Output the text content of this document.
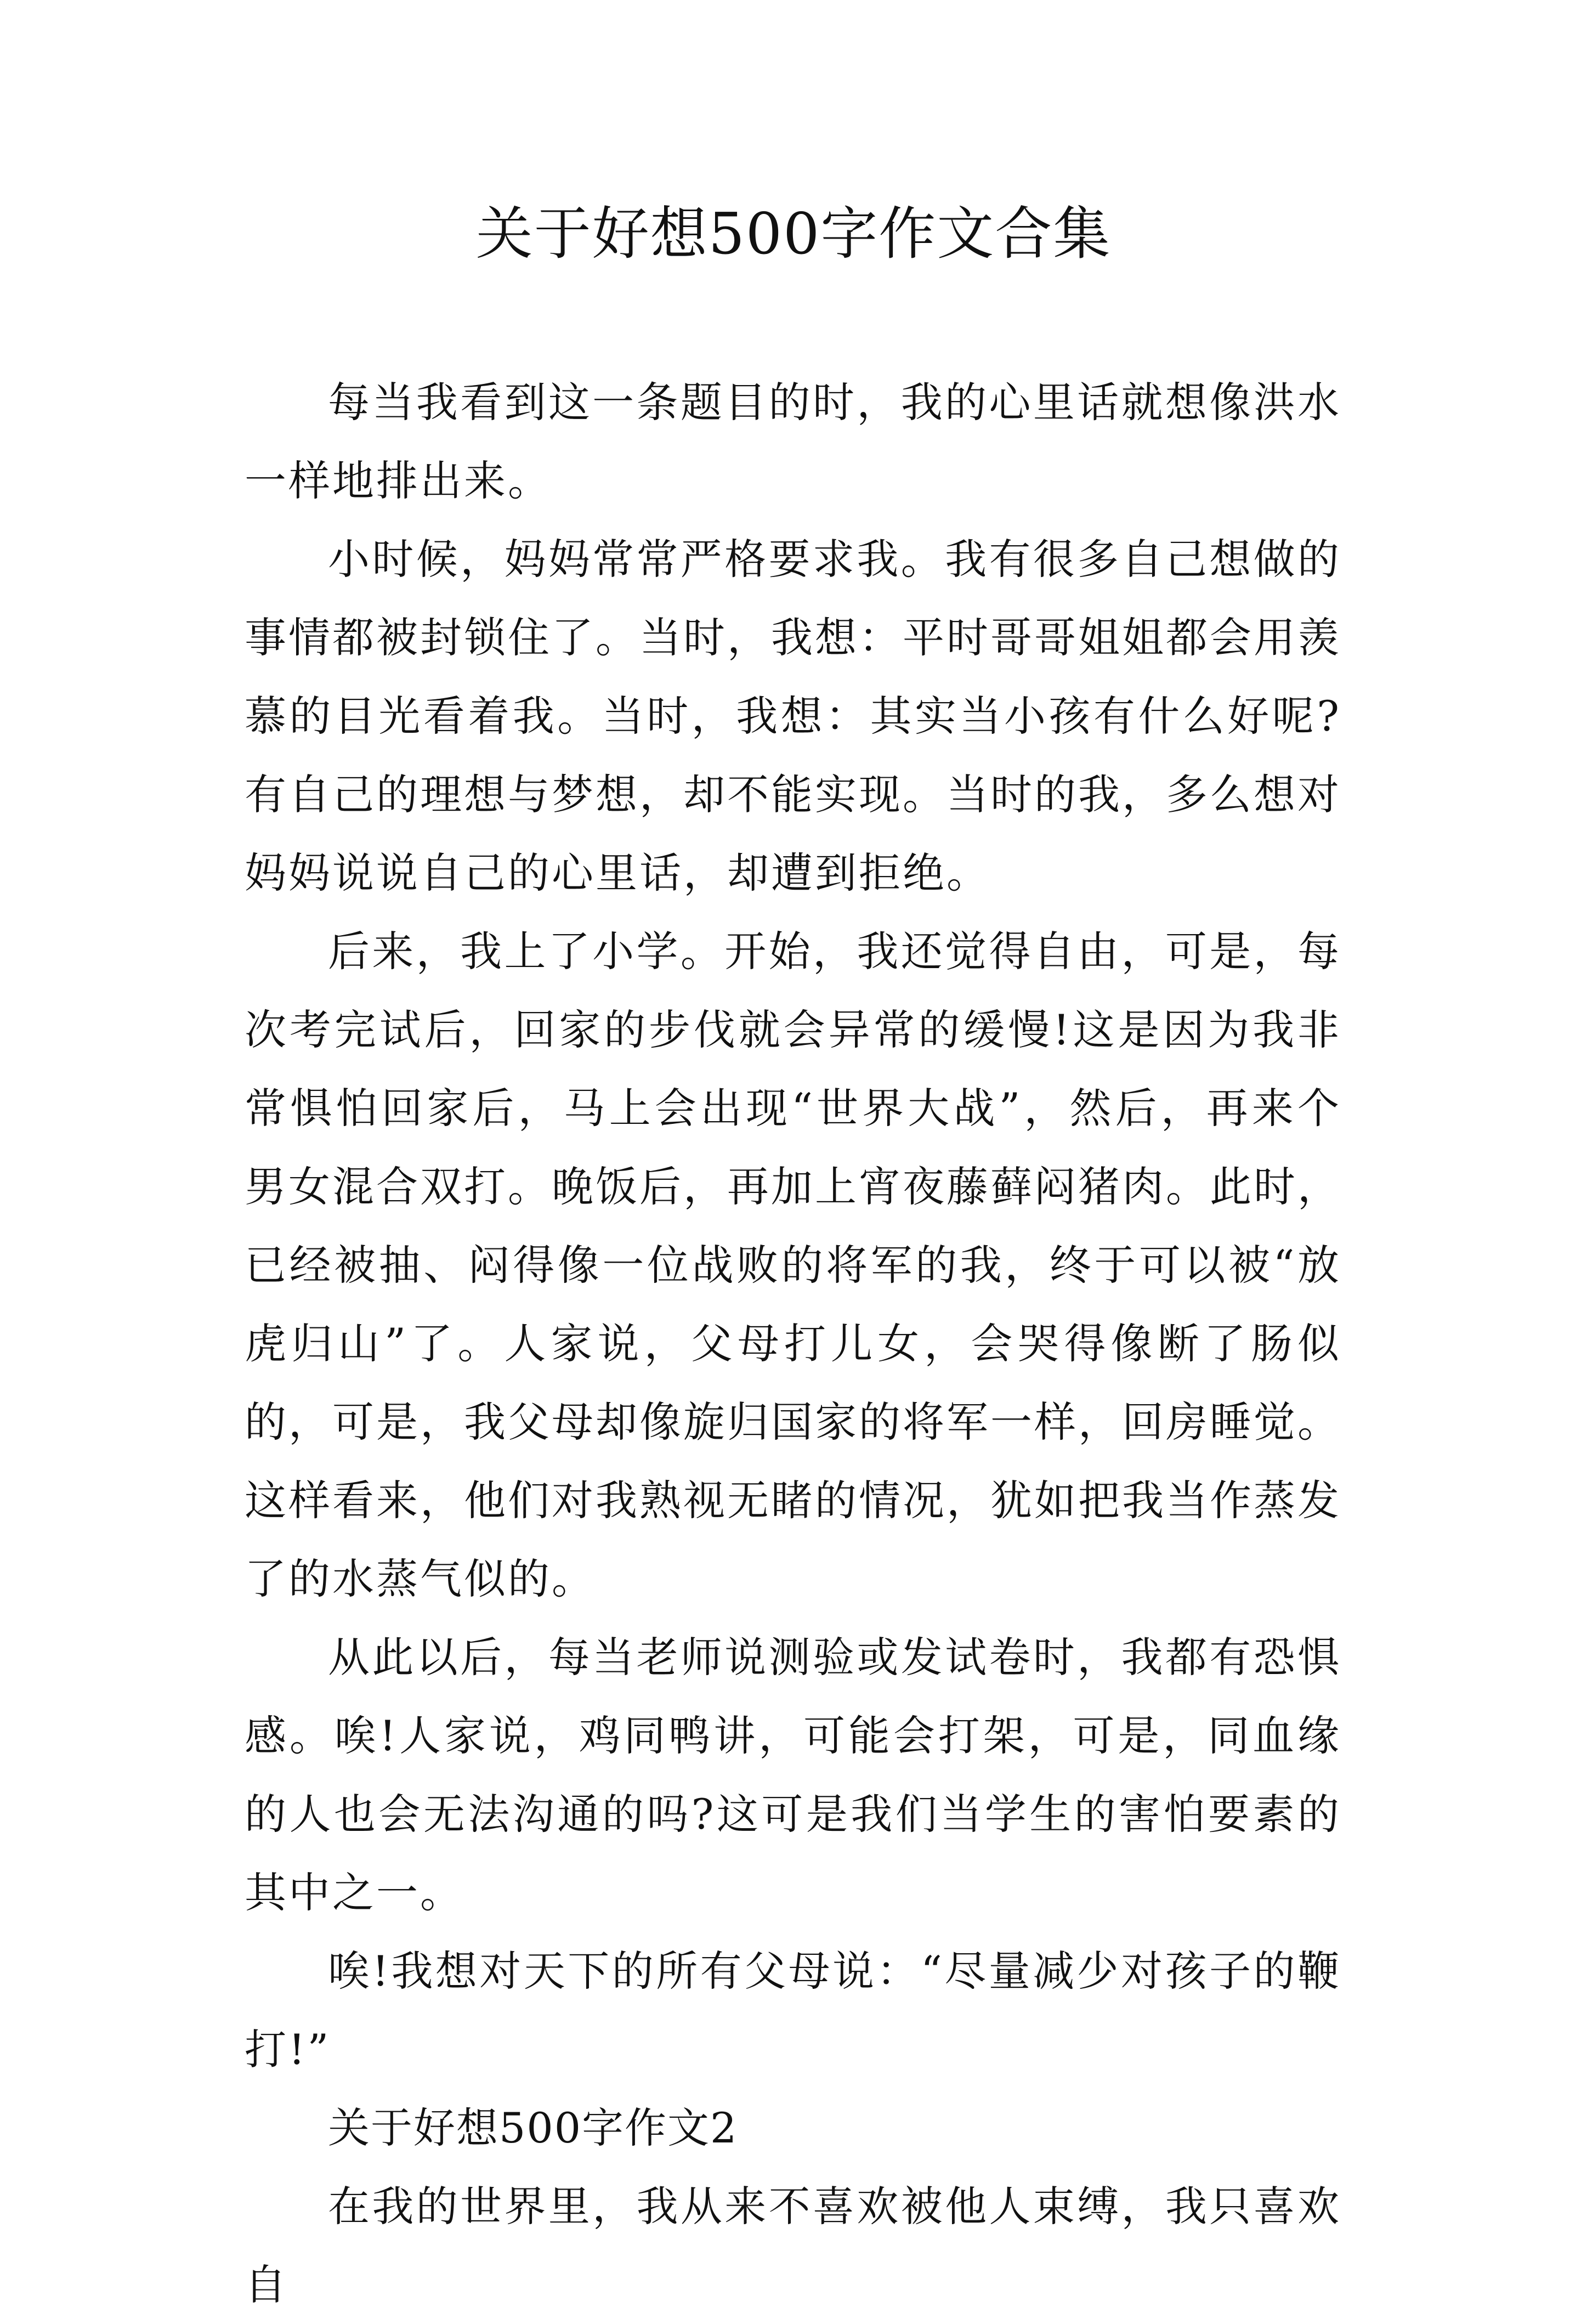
关于好想500字作文合集

每当我看到这一条题目的时，我的心里话就想像洪水一样地排出来。

小时候，妈妈常常严格要求我。我有很多自己想做的事情都被封锁住了。当时，我想：平时哥哥姐姐都会用羡慕的目光看着我。当时，我想：其实当小孩有什么好呢?有自己的理想与梦想，却不能实现。当时的我，多么想对妈妈说说自己的心里话，却遭到拒绝。

后来，我上了小学。开始，我还觉得自由，可是，每次考完试后，回家的步伐就会异常的缓慢!这是因为我非常惧怕回家后，马上会出现“世界大战”，然后，再来个男女混合双打。晚饭后，再加上宵夜藤藓闷猪肉。此时，已经被抽、闷得像一位战败的将军的我，终于可以被“放虎归山”了。人家说，父母打儿女，会哭得像断了肠似的，可是，我父母却像旋归国家的将军一样，回房睡觉。这样看来，他们对我熟视无睹的情况，犹如把我当作蒸发了的水蒸气似的。

从此以后，每当老师说测验或发试卷时，我都有恐惧感。唉!人家说，鸡同鸭讲，可能会打架，可是，同血缘的人也会无法沟通的吗?这可是我们当学生的害怕要素的其中之一。

唉!我想对天下的所有父母说：“尽量减少对孩子的鞭打!”

关于好想500字作文2

在我的世界里，我从来不喜欢被他人束缚，我只喜欢自
